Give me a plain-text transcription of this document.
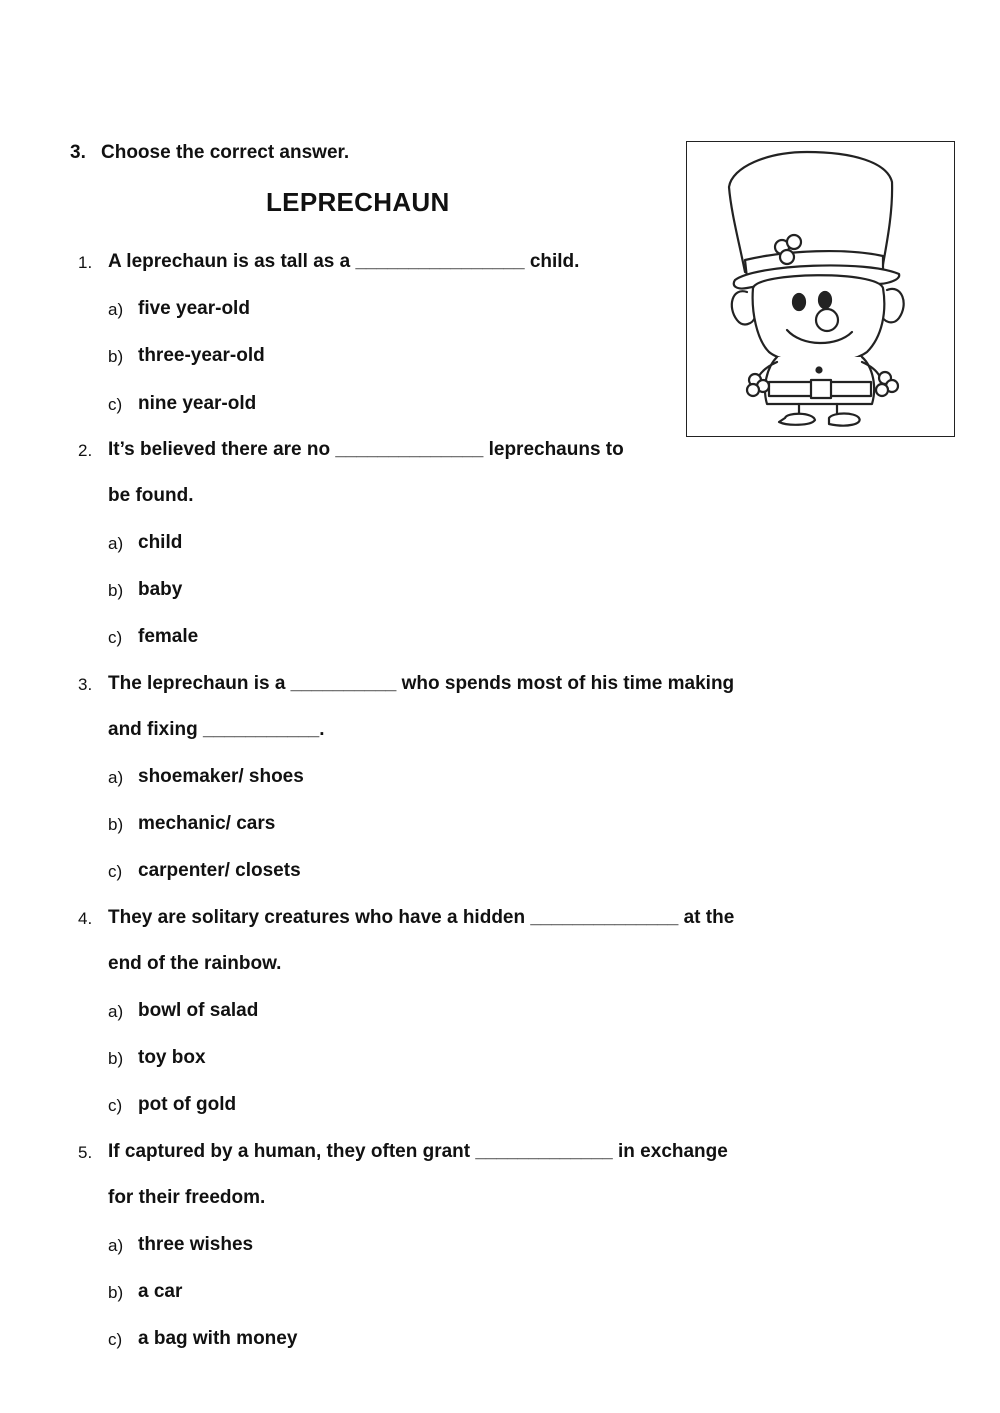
3. Choose the correct answer.
LEPRECHAUN
1. A leprechaun is as tall as a ________________ child.
a) five year-old
b) three-year-old
c) nine year-old
2. It’s believed there are no ______________ leprechauns to
be found.
a) child
b) baby
c) female
3. The leprechaun is a __________ who spends most of his time making
and fixing ___________.
a) shoemaker/ shoes
b) mechanic/ cars
c) carpenter/ closets
4. They are solitary creatures who have a hidden ______________ at the
end of the rainbow.
a) bowl of salad
b) toy box
c) pot of gold
5. If captured by a human, they often grant _____________ in exchange
for their freedom.
a) three wishes
b) a car
c) a bag with money
